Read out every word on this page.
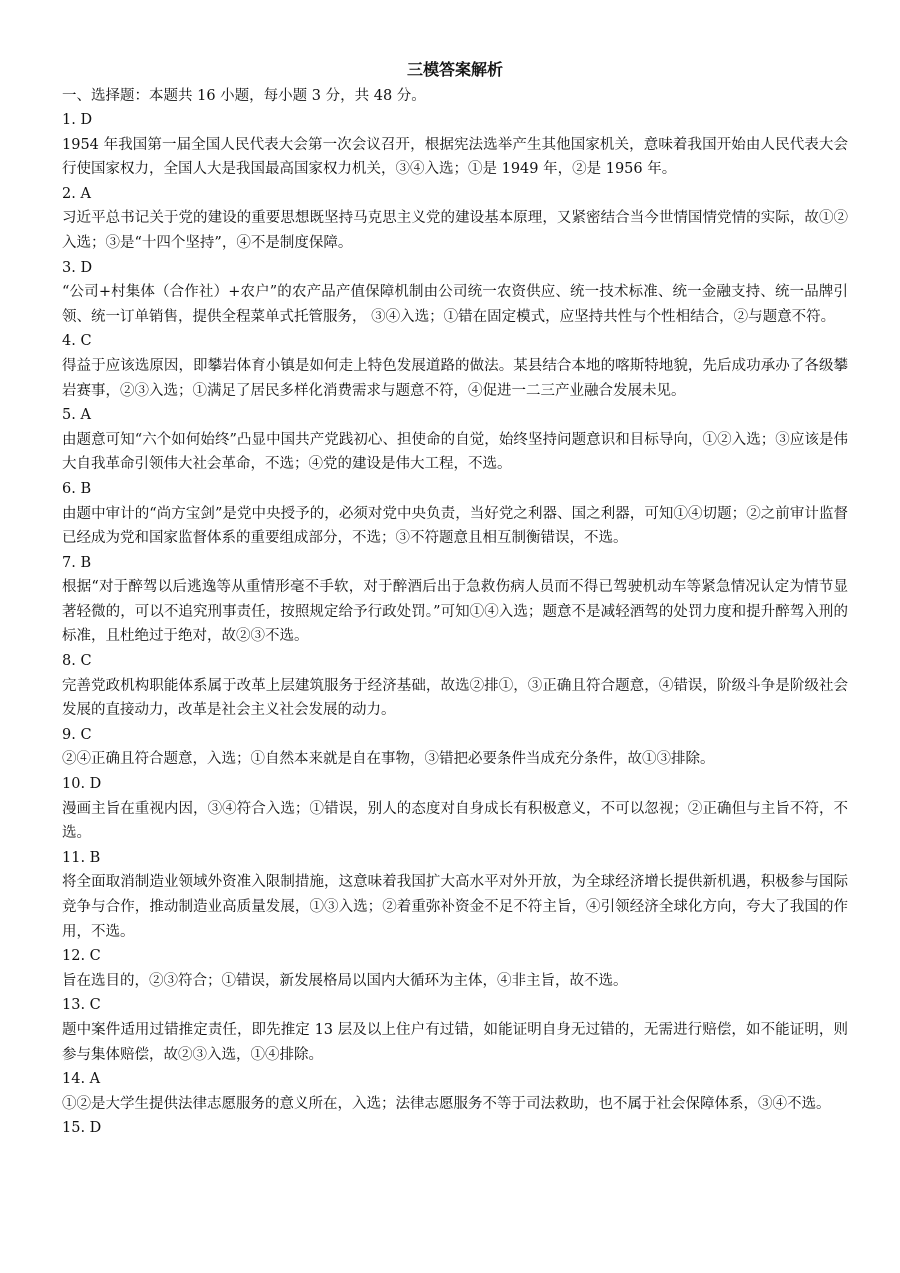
三模答案解析

一、选择题：本题共 16 小题，每小题 3 分，共 48 分。

1. D

1954 年我国第一届全国人民代表大会第一次会议召开，根据宪法选举产生其他国家机关，意味着我国开始由人民代表大会行使国家权力，全国人大是我国最高国家权力机关，③④入选；①是 1949 年，②是 1956 年。

2. A

习近平总书记关于党的建设的重要思想既坚持马克思主义党的建设基本原理，又紧密结合当今世情国情党情的实际，故①②入选；③是“十四个坚持”，④不是制度保障。

3. D

“公司+村集体（合作社）+农户”的农产品产值保障机制由公司统一农资供应、统一技术标准、统一金融支持、统一品牌引领、统一订单销售，提供全程菜单式托管服务， ③④入选；①错在固定模式，应坚持共性与个性相结合，②与题意不符。

4. C

得益于应该选原因，即攀岩体育小镇是如何走上特色发展道路的做法。某县结合本地的喀斯特地貌，先后成功承办了各级攀岩赛事，②③入选；①满足了居民多样化消费需求与题意不符，④促进一二三产业融合发展未见。

5. A

由题意可知“六个如何始终”凸显中国共产党践初心、担使命的自觉，始终坚持问题意识和目标导向，①②入选；③应该是伟大自我革命引领伟大社会革命，不选；④党的建设是伟大工程，不选。

6. B

由题中审计的“尚方宝剑”是党中央授予的，必须对党中央负责，当好党之利器、国之利器，可知①④切题；②之前审计监督已经成为党和国家监督体系的重要组成部分，不选；③不符题意且相互制衡错误，不选。

7. B

根据“对于醉驾以后逃逸等从重情形毫不手软，对于醉酒后出于急救伤病人员而不得已驾驶机动车等紧急情况认定为情节显著轻微的，可以不追究刑事责任，按照规定给予行政处罚。”可知①④入选；题意不是减轻酒驾的处罚力度和提升醉驾入刑的标准，且杜绝过于绝对，故②③不选。

8. C

完善党政机构职能体系属于改革上层建筑服务于经济基础，故选②排①，③正确且符合题意，④错误，阶级斗争是阶级社会发展的直接动力，改革是社会主义社会发展的动力。

9. C

②④正确且符合题意，入选；①自然本来就是自在事物，③错把必要条件当成充分条件，故①③排除。

10. D

漫画主旨在重视内因，③④符合入选；①错误，别人的态度对自身成长有积极意义，不可以忽视；②正确但与主旨不符，不选。

11. B

将全面取消制造业领域外资准入限制措施，这意味着我国扩大高水平对外开放，为全球经济增长提供新机遇，积极参与国际竞争与合作，推动制造业高质量发展，①③入选；②着重弥补资金不足不符主旨，④引领经济全球化方向，夸大了我国的作用，不选。

12. C

旨在选目的，②③符合；①错误，新发展格局以国内大循环为主体，④非主旨，故不选。

13. C

题中案件适用过错推定责任，即先推定 13 层及以上住户有过错，如能证明自身无过错的，无需进行赔偿，如不能证明，则参与集体赔偿，故②③入选，①④排除。

14. A

①②是大学生提供法律志愿服务的意义所在，入选；法律志愿服务不等于司法救助，也不属于社会保障体系，③④不选。

15. D
